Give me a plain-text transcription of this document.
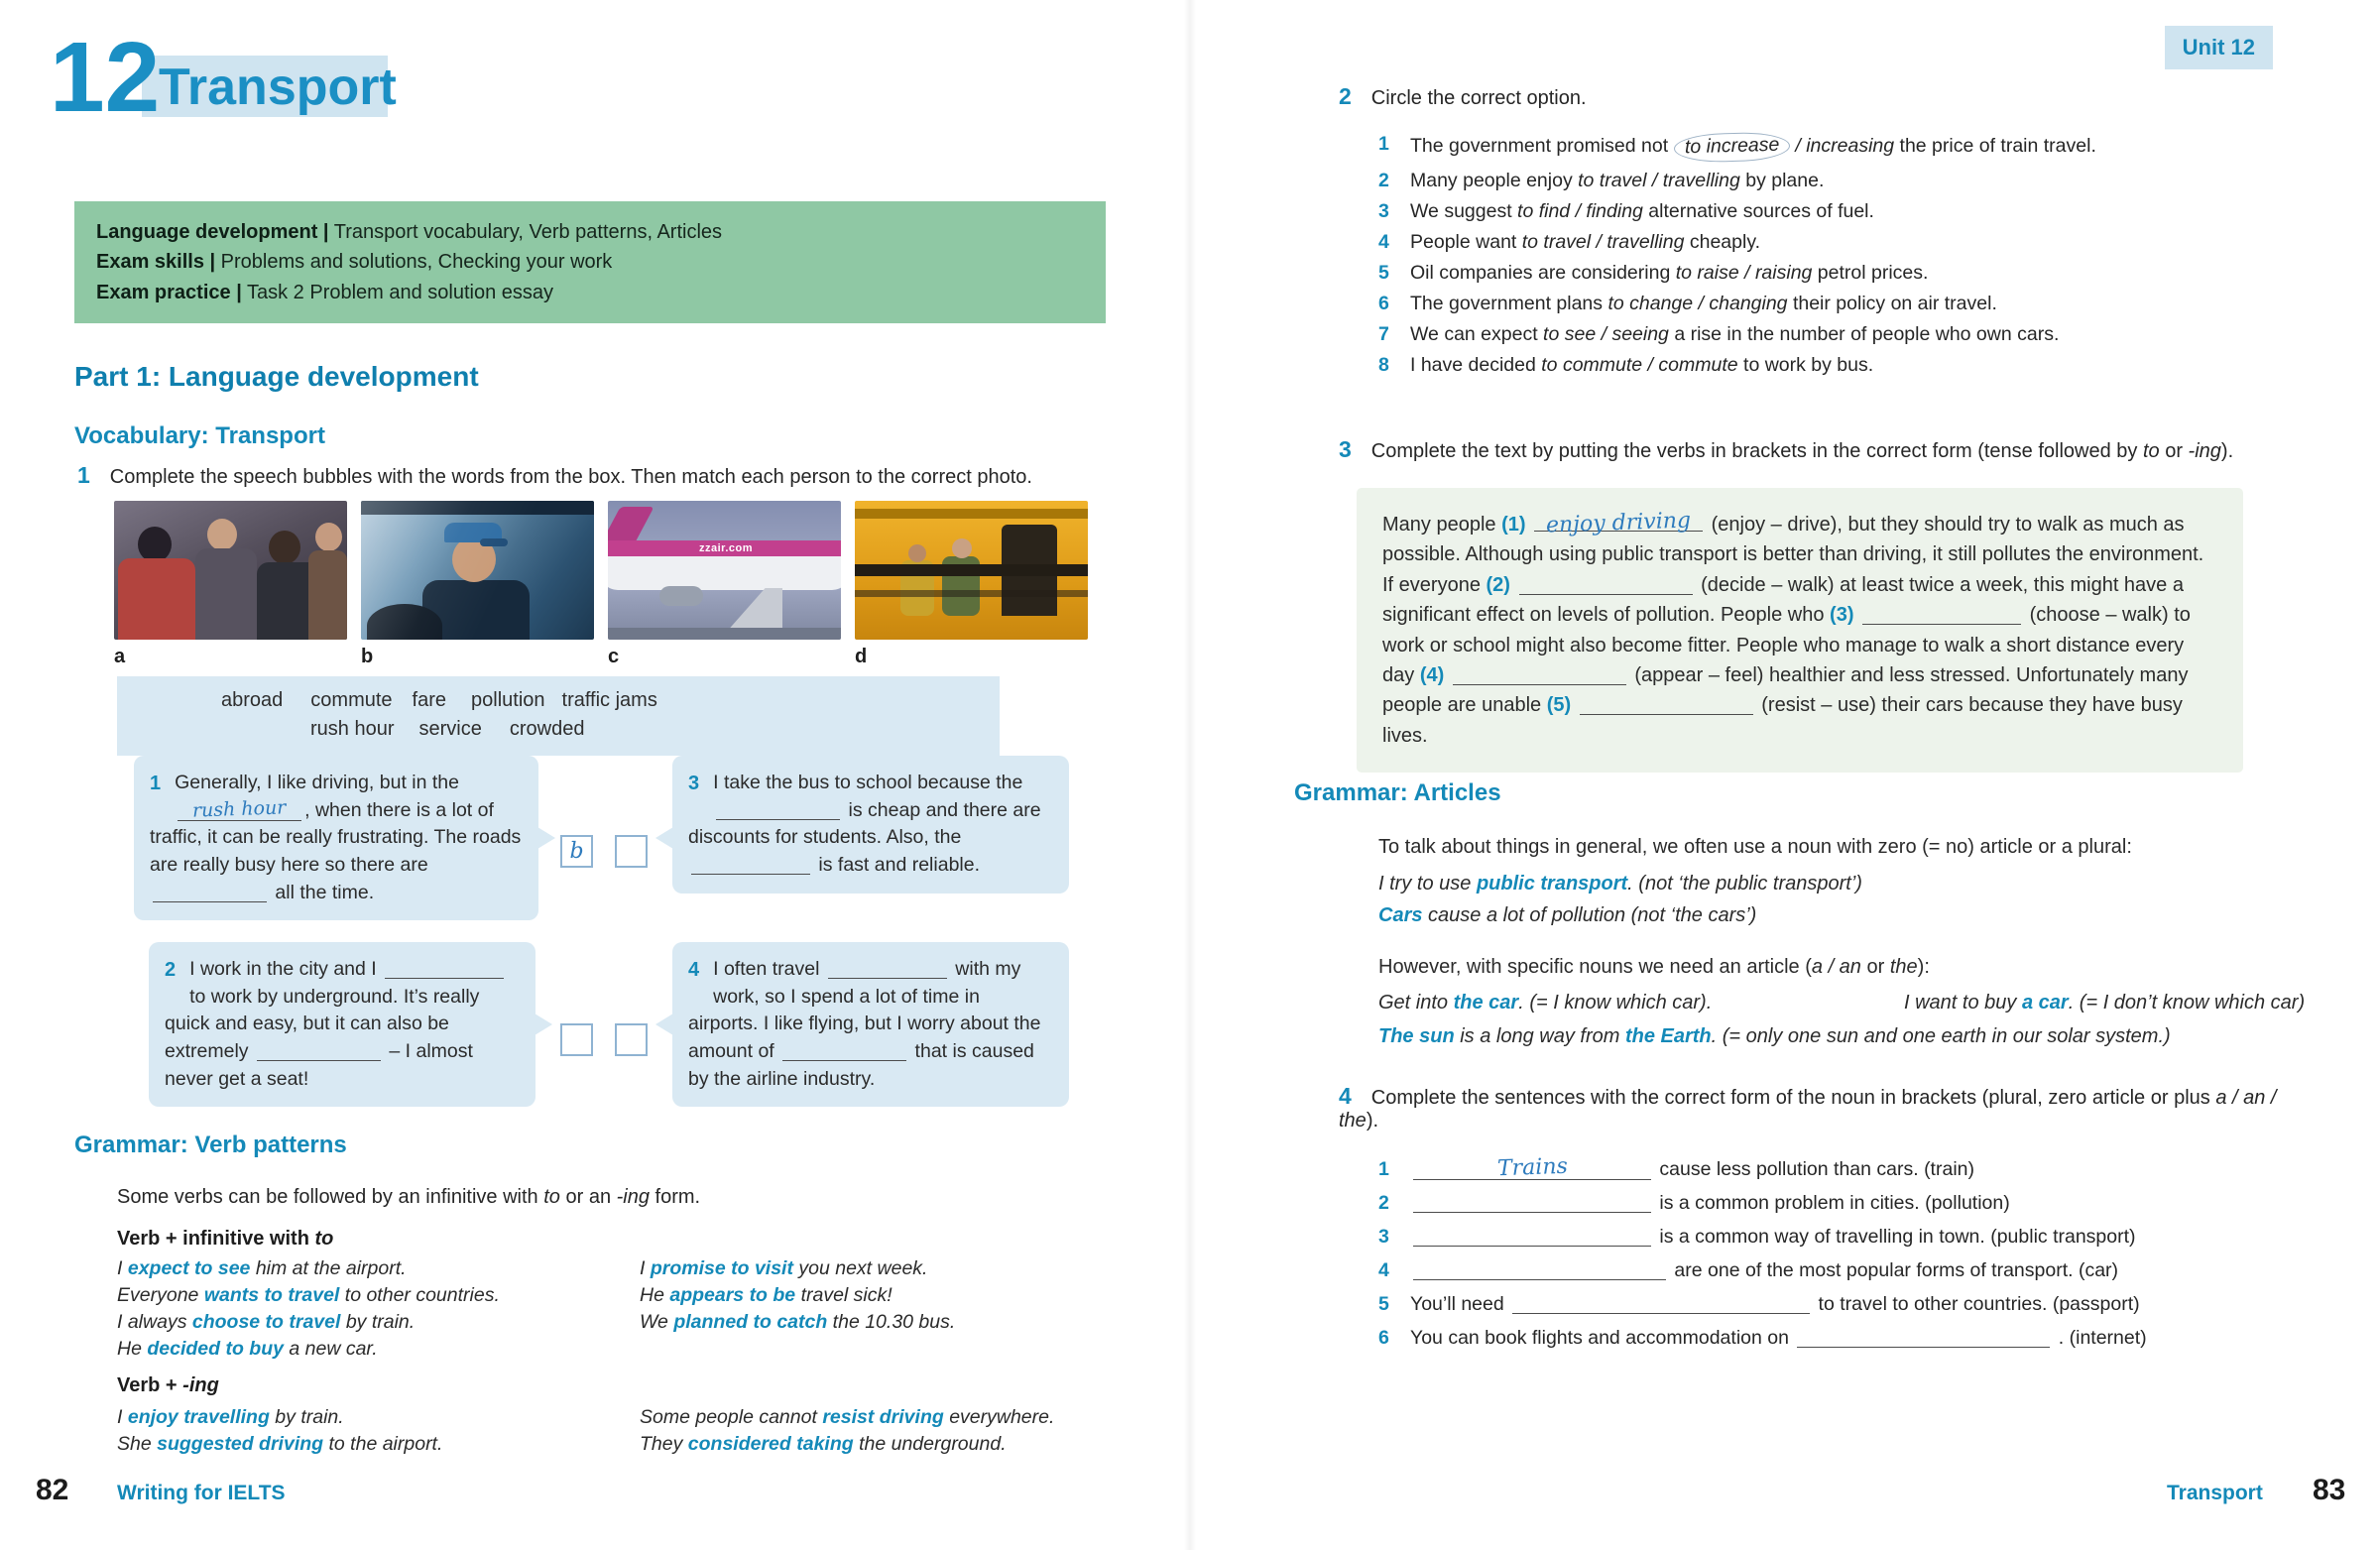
12
Transport

Language development | Transport vocabulary, Verb patterns, Articles

Exam skills | Problems and solutions, Checking your work

Exam practice | Task 2 Problem and solution essay

Part 1: Language development
Vocabulary: Transport
1 Complete the speech bubbles with the words from the box. Then match each person to the correct photo.
a	b
zzair.com
c	d
abroad commute fare pollution traffic jams
rush hour service crowded
1 Generally, I like driving, but in the rush hour , when there is a lot of traffic, it can be really frustrating. The roads are really busy here so there are  all the time.
3 I take the bus to school because the  is cheap and there are discounts for students. Also, the  is fast and reliable.
b
2 I work in the city and I  to work by underground. It’s really quick and easy, but it can also be extremely	– I almost never get a seat!
4 I often travel	with my work, so I spend a lot of time in airports. I like flying, but I worry about the amount of	that is caused by the airline industry.
Grammar: Verb patterns

Some verbs can be followed by an infinitive with to or an -ing form.

Verb + infinitive with to

I expect to see him at the airport.

Everyone wants to travel to other countries.

I always choose to travel by train.

He decided to buy a new car.

I promise to visit you next week.

He appears to be travel sick!

We planned to catch the 10.30 bus.

Verb + -ing

I enjoy travelling by train.

She suggested driving to the airport.

Some people cannot resist driving everywhere.

They considered taking the underground.

82 Writing for IELTS
Unit 12
2 Circle the correct option.
1	The government promised not to increase / increasing the price of train travel.
2	Many people enjoy to travel / travelling by plane.
3	We suggest to find / finding alternative sources of fuel.
4	People want to travel / travelling cheaply.
5	Oil companies are considering to raise / raising petrol prices.
6	The government plans to change / changing their policy on air travel.
7	We can expect to see / seeing a rise in the number of people who own cars.
8	I have decided to commute / commute to work by bus.
3 Complete the text by putting the verbs in brackets in the correct form (tense followed by to or -ing).

Many people (1) enjoy driving (enjoy – drive), but they should try to walk as much as possible. Although using public transport is better than driving, it still pollutes the environment. If everyone (2)	(decide – walk) at least twice a week, this might have a significant effect on levels of pollution. People who (3)	(choose – walk) to work or school might also become fitter. People who manage to walk a short distance every day (4)	(appear – feel) healthier and less stressed. Unfortunately many people are unable (5)	(resist – use) their cars because they have busy lives.

Grammar: Articles

To talk about things in general, we often use a noun with zero (= no) article or a plural:

I try to use public transport. (not ‘the public transport’)

Cars cause a lot of pollution (not ‘the cars’)

However, with specific nouns we need an article (a / an or the):

Get into the car. (= I know which car).	I want to buy a car. (= I don’t know which car)

The sun is a long way from the Earth. (= only one sun and one earth in our solar system.)

4 Complete the sentences with the correct form of the noun in brackets (plural, zero article or plus a / an / the).
1	Trains	cause less pollution than cars. (train)
2	is a common problem in cities. (pollution)
3	is a common way of travelling in town. (public transport)
4	are one of the most popular forms of transport. (car)
5	You’ll need	to travel to other countries. (passport)
6	You can book flights and accommodation on	. (internet)
Transport 83
